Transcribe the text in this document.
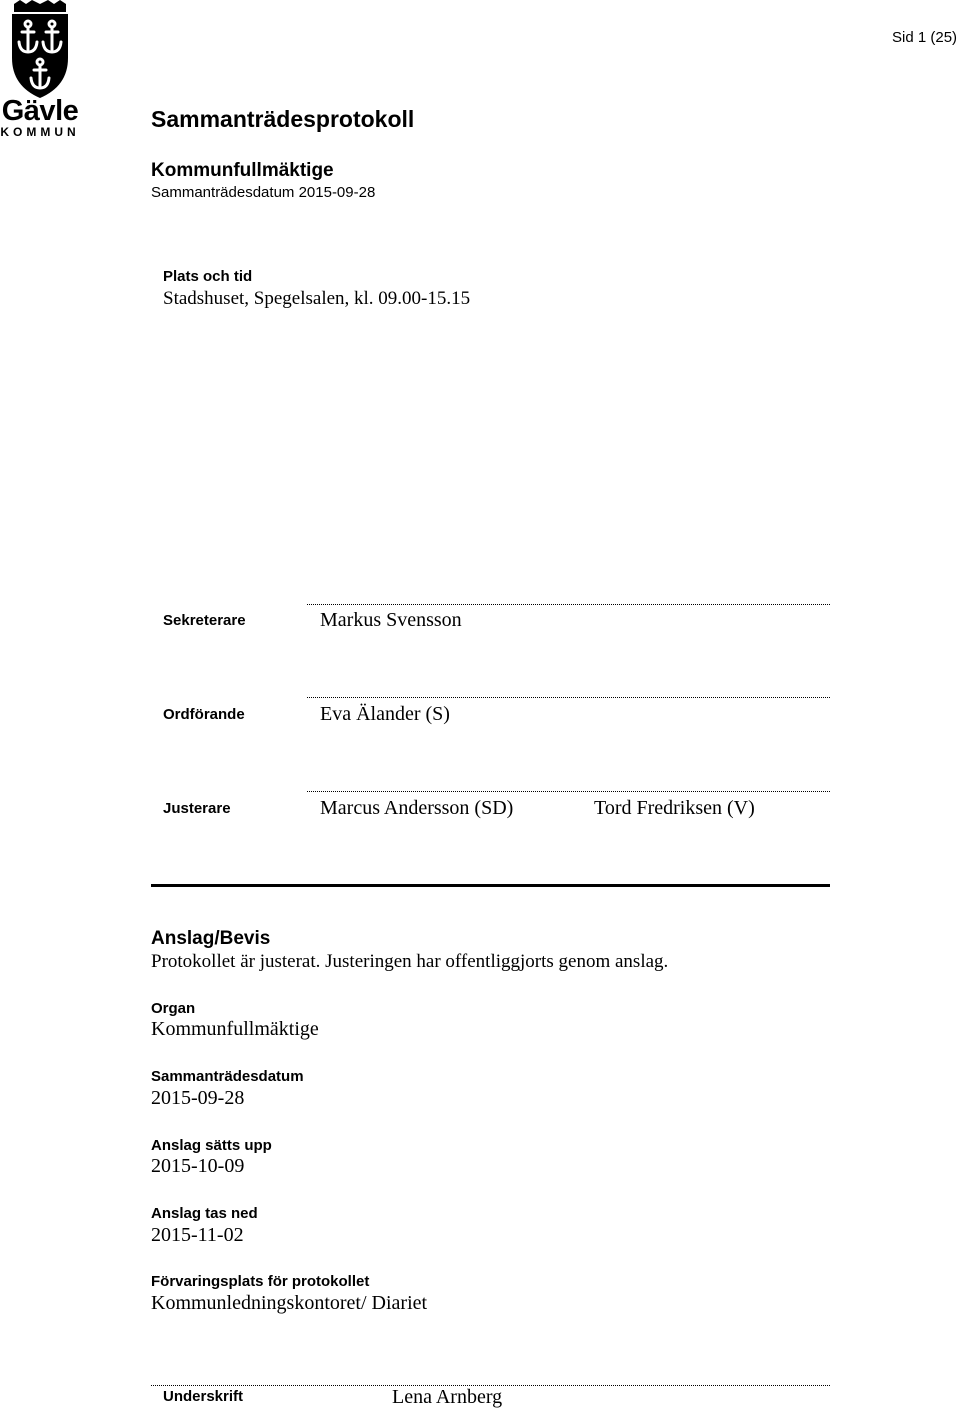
Gävle
KOMMUN
Sid 1 (25)
Sammanträdesprotokoll
Kommunfullmäktige
Sammanträdesdatum 2015-09-28
Plats och tid
Stadshuset, Spegelsalen, kl. 09.00-15.15
Sekreterare	Markus Svensson
Ordförande	Eva Älander (S)
Justerare	Marcus Andersson (SD)	Tord Fredriksen (V)
Anslag/Bevis
Protokollet är justerat. Justeringen har offentliggjorts genom anslag.
Organ
Kommunfullmäktige
Sammanträdesdatum
2015-09-28
Anslag sätts upp
2015-10-09
Anslag tas ned
2015-11-02
Förvaringsplats för protokollet
Kommunledningskontoret/ Diariet
Underskrift	Lena Arnberg
